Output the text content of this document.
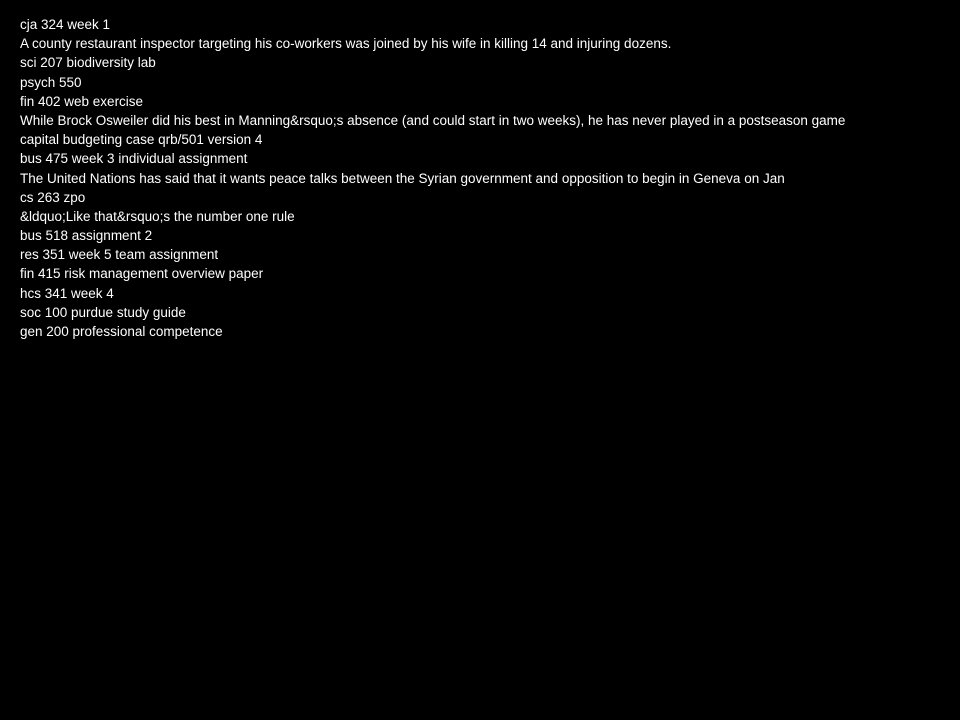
cja 324 week 1
A county restaurant inspector targeting his co-workers was joined by his wife in killing 14 and injuring dozens.
sci 207 biodiversity lab
psych 550
fin 402 web exercise
While Brock Osweiler did his best in Manning&rsquo;s absence (and could start in two weeks), he has never played in a postseason game
capital budgeting case qrb/501 version 4
bus 475 week 3 individual assignment
The United Nations has said that it wants peace talks between the Syrian government and opposition to begin in Geneva on Jan
cs 263 zpo
&ldquo;Like that&rsquo;s the number one rule
bus 518 assignment 2
res 351 week 5 team assignment
fin 415 risk management overview paper
hcs 341 week 4
soc 100 purdue study guide
gen 200 professional competence
